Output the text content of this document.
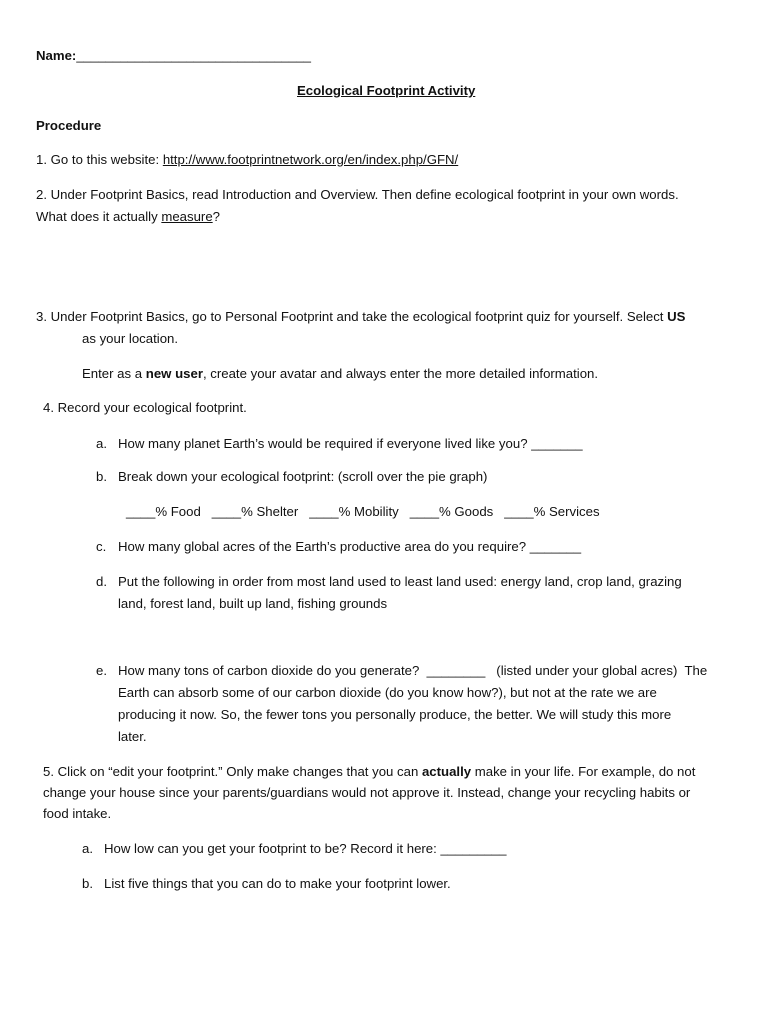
Name:________________________________

Ecological Footprint Activity

Procedure

1. Go to this website: http://www.footprintnetwork.org/en/index.php/GFN/

2. Under Footprint Basics, read Introduction and Overview. Then define ecological footprint in your own words.

What does it actually measure?

3. Under Footprint Basics, go to Personal Footprint and take the ecological footprint quiz for yourself. Select US

as your location.

Enter as a new user, create your avatar and always enter the more detailed information.

4. Record your ecological footprint.

a. How many planet Earth’s would be required if everyone lived like you? _______

b. Break down your ecological footprint: (scroll over the pie graph)

____% Food   ____% Shelter   ____% Mobility   ____% Goods   ____% Services

c. How many global acres of the Earth’s productive area do you require? _______

d. Put the following in order from most land used to least land used: energy land, crop land, grazing

land, forest land, built up land, fishing grounds

e. How many tons of carbon dioxide do you generate?  ________   (listed under your global acres)  The

Earth can absorb some of our carbon dioxide (do you know how?), but not at the rate we are

producing it now. So, the fewer tons you personally produce, the better. We will study this more

later.

5. Click on “edit your footprint.” Only make changes that you can actually make in your life. For example, do not

change your house since your parents/guardians would not approve it. Instead, change your recycling habits or

food intake.

a. How low can you get your footprint to be? Record it here: _________

b. List five things that you can do to make your footprint lower.
